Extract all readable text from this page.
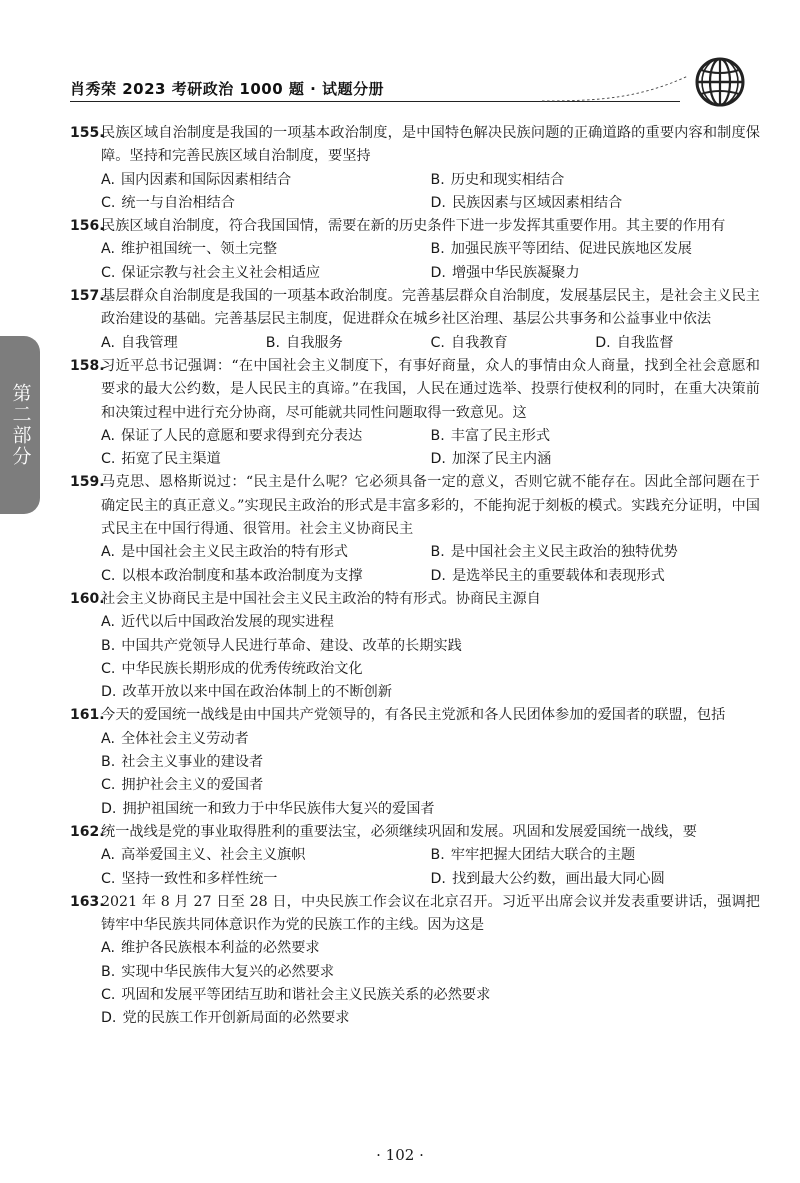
肖秀荣 2023 考研政治 1000 题 · 试题分册
第二部分
155.
民族区域自治制度是我国的一项基本政治制度，是中国特色解决民族问题的正确道路的重要内容和制度保障。坚持和完善民族区域自治制度，要坚持
A. 国内因素和国际因素相结合	B. 历史和现实相结合
C. 统一与自治相结合	D. 民族因素与区域因素相结合
156.
民族区域自治制度，符合我国国情，需要在新的历史条件下进一步发挥其重要作用。其主要的作用有
A. 维护祖国统一、领土完整	B. 加强民族平等团结、促进民族地区发展
C. 保证宗教与社会主义社会相适应	D. 增强中华民族凝聚力
157.
基层群众自治制度是我国的一项基本政治制度。完善基层群众自治制度，发展基层民主，是社会主义民主政治建设的基础。完善基层民主制度，促进群众在城乡社区治理、基层公共事务和公益事业中依法
A. 自我管理	B. 自我服务	C. 自我教育	D. 自我监督
158.
习近平总书记强调：“在中国社会主义制度下，有事好商量，众人的事情由众人商量，找到全社会意愿和要求的最大公约数，是人民民主的真谛。”在我国，人民在通过选举、投票行使权利的同时，在重大决策前和决策过程中进行充分协商，尽可能就共同性问题取得一致意见。这
A. 保证了人民的意愿和要求得到充分表达	B. 丰富了民主形式
C. 拓宽了民主渠道	D. 加深了民主内涵
159.
马克思、恩格斯说过：“民主是什么呢？它必须具备一定的意义，否则它就不能存在。因此全部问题在于确定民主的真正意义。”实现民主政治的形式是丰富多彩的，不能拘泥于刻板的模式。实践充分证明，中国式民主在中国行得通、很管用。社会主义协商民主
A. 是中国社会主义民主政治的特有形式	B. 是中国社会主义民主政治的独特优势
C. 以根本政治制度和基本政治制度为支撑	D. 是选举民主的重要载体和表现形式
160.
社会主义协商民主是中国社会主义民主政治的特有形式。协商民主源自
A. 近代以后中国政治发展的现实进程
B. 中国共产党领导人民进行革命、建设、改革的长期实践
C. 中华民族长期形成的优秀传统政治文化
D. 改革开放以来中国在政治体制上的不断创新
161.
今天的爱国统一战线是由中国共产党领导的，有各民主党派和各人民团体参加的爱国者的联盟，包括
A. 全体社会主义劳动者
B. 社会主义事业的建设者
C. 拥护社会主义的爱国者
D. 拥护祖国统一和致力于中华民族伟大复兴的爱国者
162.
统一战线是党的事业取得胜利的重要法宝，必须继续巩固和发展。巩固和发展爱国统一战线，要
A. 高举爱国主义、社会主义旗帜	B. 牢牢把握大团结大联合的主题
C. 坚持一致性和多样性统一	D. 找到最大公约数，画出最大同心圆
163.
2021 年 8 月 27 日至 28 日，中央民族工作会议在北京召开。习近平出席会议并发表重要讲话，强调把铸牢中华民族共同体意识作为党的民族工作的主线。因为这是
A. 维护各民族根本利益的必然要求
B. 实现中华民族伟大复兴的必然要求
C. 巩固和发展平等团结互助和谐社会主义民族关系的必然要求
D. 党的民族工作开创新局面的必然要求
· 102 ·
